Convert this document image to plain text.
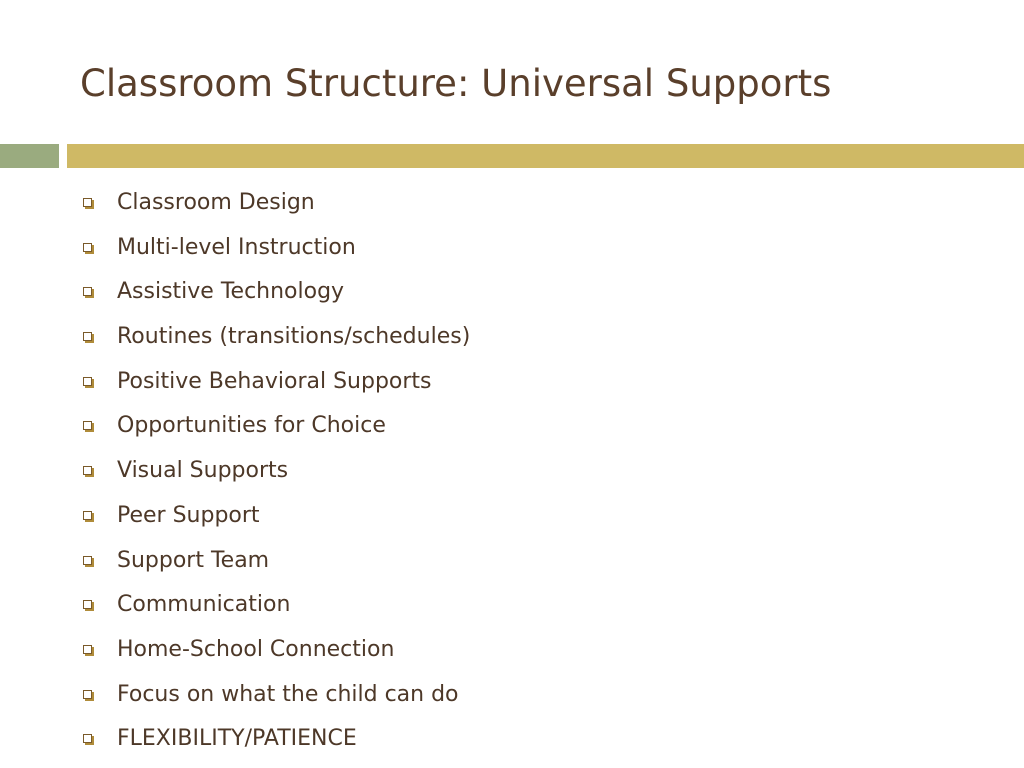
Classroom Structure: Universal Supports
Classroom Design
Multi-level Instruction
Assistive Technology
Routines (transitions/schedules)
Positive Behavioral Supports
Opportunities for Choice
Visual Supports
Peer Support
Support Team
Communication
Home-School Connection
Focus on what the child can do
FLEXIBILITY/PATIENCE
